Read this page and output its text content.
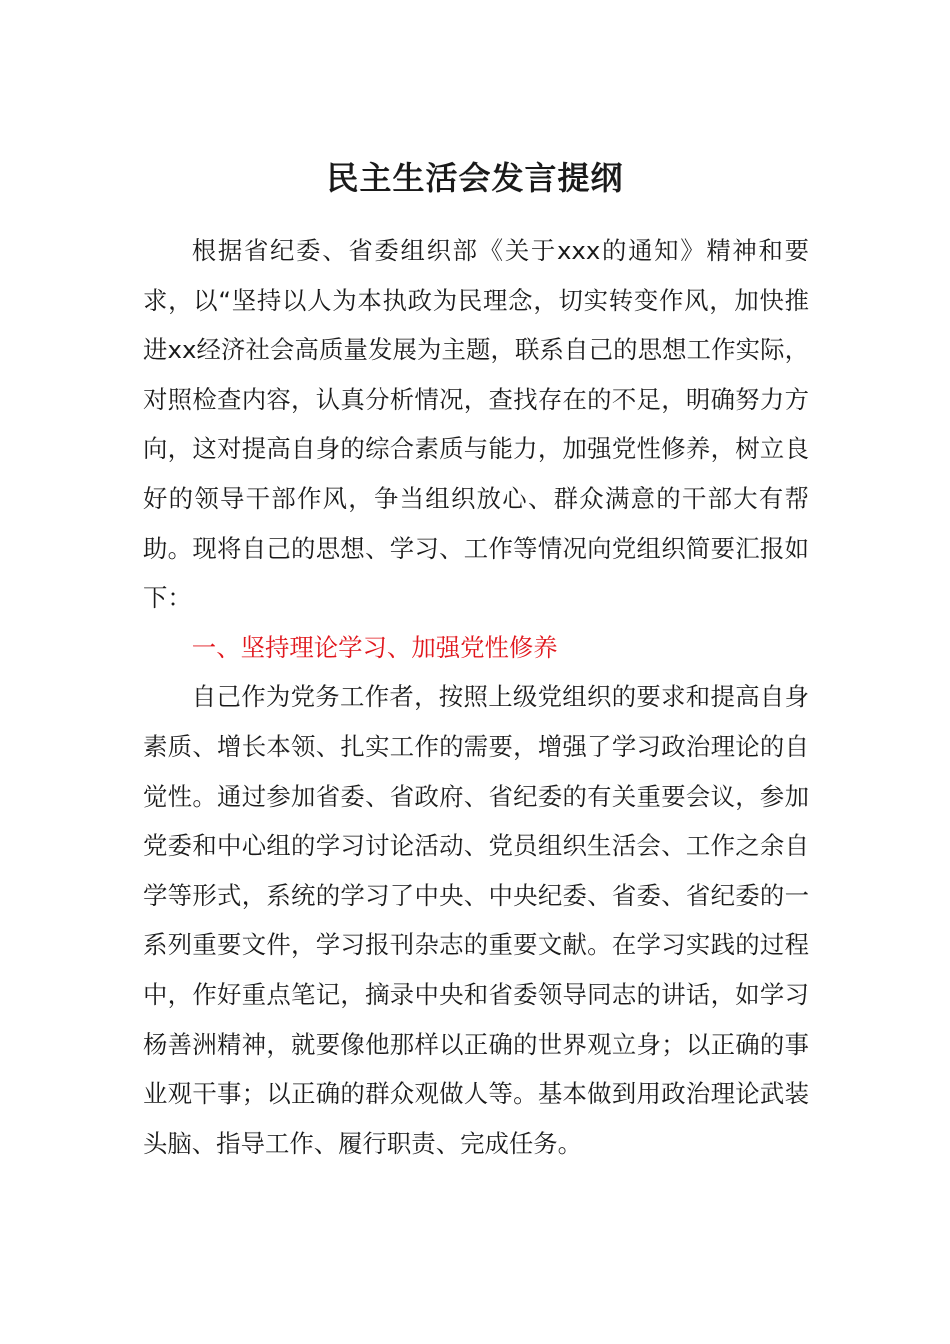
民主生活会发言提纲

根据省纪委、省委组织部《关于xxx的通知》精神和要求，以“坚持以人为本执政为民理念，切实转变作风，加快推进xx经济社会高质量发展为主题，联系自己的思想工作实际，对照检查内容，认真分析情况，查找存在的不足，明确努力方向，这对提高自身的综合素质与能力，加强党性修养，树立良好的领导干部作风，争当组织放心、群众满意的干部大有帮助。现将自己的思想、学习、工作等情况向党组织简要汇报如下：

一、坚持理论学习、加强党性修养

自己作为党务工作者，按照上级党组织的要求和提高自身素质、增长本领、扎实工作的需要，增强了学习政治理论的自觉性。通过参加省委、省政府、省纪委的有关重要会议，参加党委和中心组的学习讨论活动、党员组织生活会、工作之余自学等形式，系统的学习了中央、中央纪委、省委、省纪委的一系列重要文件，学习报刊杂志的重要文献。在学习实践的过程中，作好重点笔记，摘录中央和省委领导同志的讲话，如学习杨善洲精神，就要像他那样以正确的世界观立身；以正确的事业观干事；以正确的群众观做人等。基本做到用政治理论武装头脑、指导工作、履行职责、完成任务。
